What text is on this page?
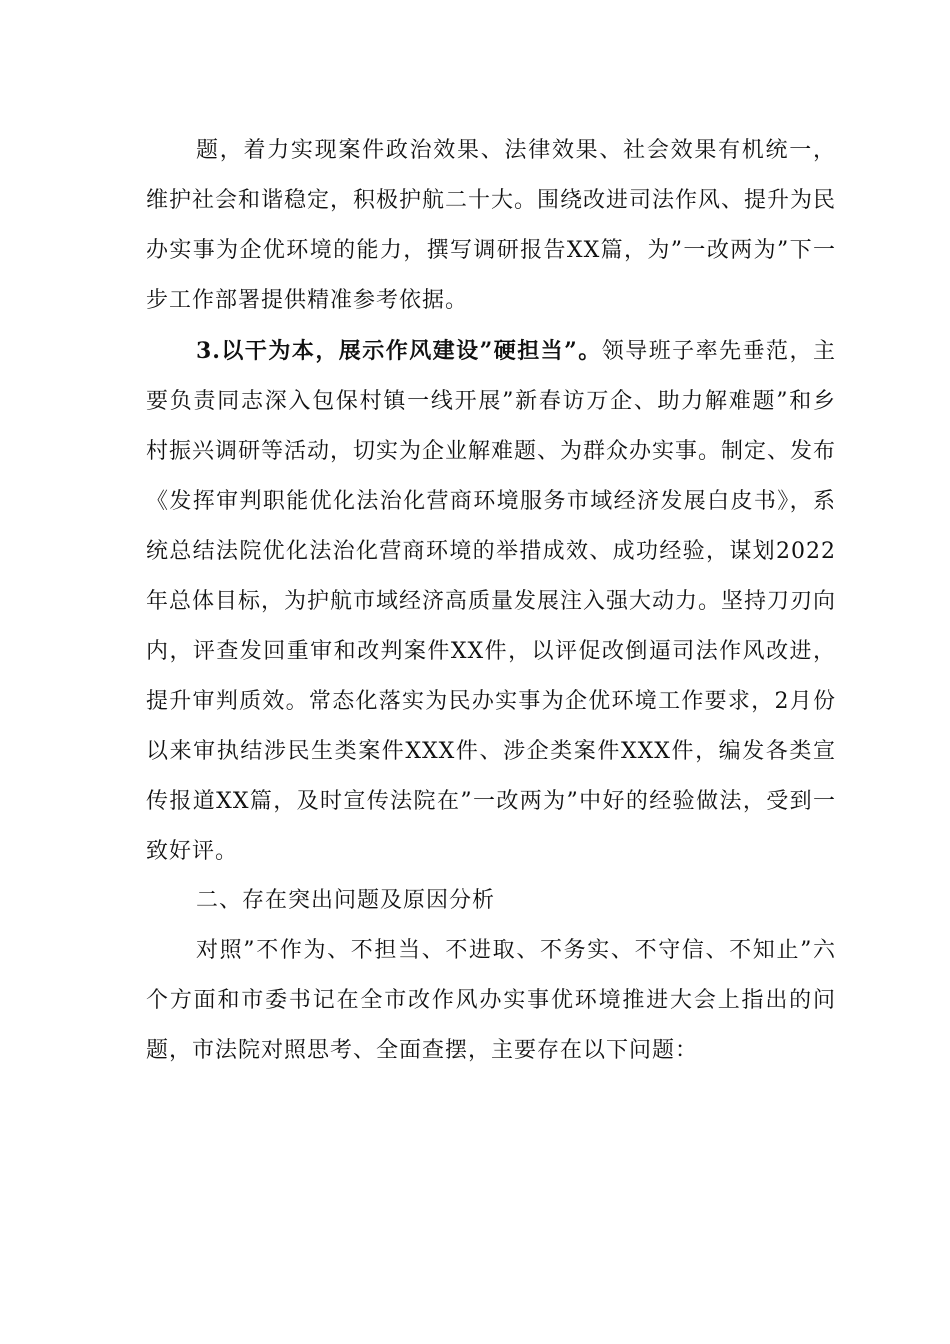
题，着力实现案件政治效果、法律效果、社会效果有机统一，维护社会和谐稳定，积极护航二十大。围绕改进司法作风、提升为民办实事为企优环境的能力，撰写调研报告XX篇，为”一改两为”下一步工作部署提供精准参考依据。

3.以干为本，展示作风建设”硬担当”。领导班子率先垂范，主要负责同志深入包保村镇一线开展”新春访万企、助力解难题”和乡村振兴调研等活动，切实为企业解难题、为群众办实事。制定、发布《发挥审判职能优化法治化营商环境服务市域经济发展白皮书》，系统总结法院优化法治化营商环境的举措成效、成功经验，谋划2022年总体目标，为护航市域经济高质量发展注入强大动力。坚持刀刃向内，评查发回重审和改判案件XX件，以评促改倒逼司法作风改进，提升审判质效。常态化落实为民办实事为企优环境工作要求，2月份以来审执结涉民生类案件XXX件、涉企类案件XXX件，编发各类宣传报道XX篇，及时宣传法院在”一改两为”中好的经验做法，受到一致好评。

二、存在突出问题及原因分析

对照”不作为、不担当、不进取、不务实、不守信、不知止”六个方面和市委书记在全市改作风办实事优环境推进大会上指出的问题，市法院对照思考、全面查摆，主要存在以下问题：
